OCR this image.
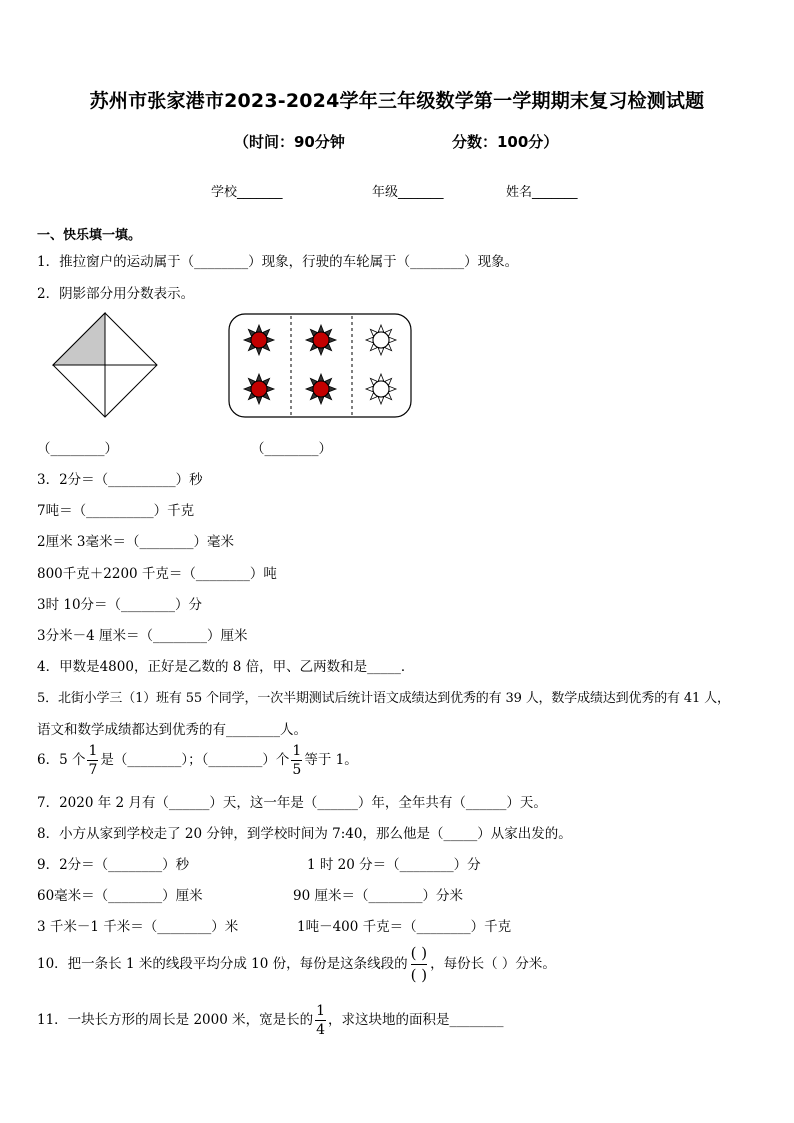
苏州市张家港市2023-2024学年三年级数学第一学期期末复习检测试题
（时间：90分钟	分数：100分）
学校_______	年级_______	姓名_______
一、快乐填一填。
1．推拉窗户的运动属于（________）现象，行驶的车轮属于（________）现象。
2．阴影部分用分数表示。
（________）	（________）
3．2分＝（__________）秒
7吨＝（__________）千克
2厘米 3毫米＝（________）毫米
800千克＋2200 千克＝（________）吨
3时 10分＝（________）分
3分米－4 厘米＝（________）厘米
4．甲数是4800，正好是乙数的 8 倍，甲、乙两数和是_____．
5．北街小学三（1）班有 55 个同学，一次半期测试后统计语文成绩达到优秀的有 39 人，数学成绩达到优秀的有 41 人，
语文和数学成绩都达到优秀的有________人。
6．5 个 $\frac{1}{7}$ 是（________）；（________）个 $\frac{1}{5}$ 等于 1。
7．2020 年 2 月有（______）天，这一年是（______）年，全年共有（______）天。
8．小方从家到学校走了 20 分钟，到学校时间为 7:40，那么他是（_____）从家出发的。
9．2分＝（________）秒	1 时 20 分＝（________）分
60毫米＝（________）厘米	90 厘米＝（________）分米
3 千米－1 千米＝（________）米	1吨－400 千克＝（________）千克
10．把一条长 1 米的线段平均分成 10 份，每份是这条线段的
( )
( )
，每份长（ ）分米。
11．一块长方形的周长是 2000 米，宽是长的 $\frac{1}{4}$ ，求这块地的面积是________
